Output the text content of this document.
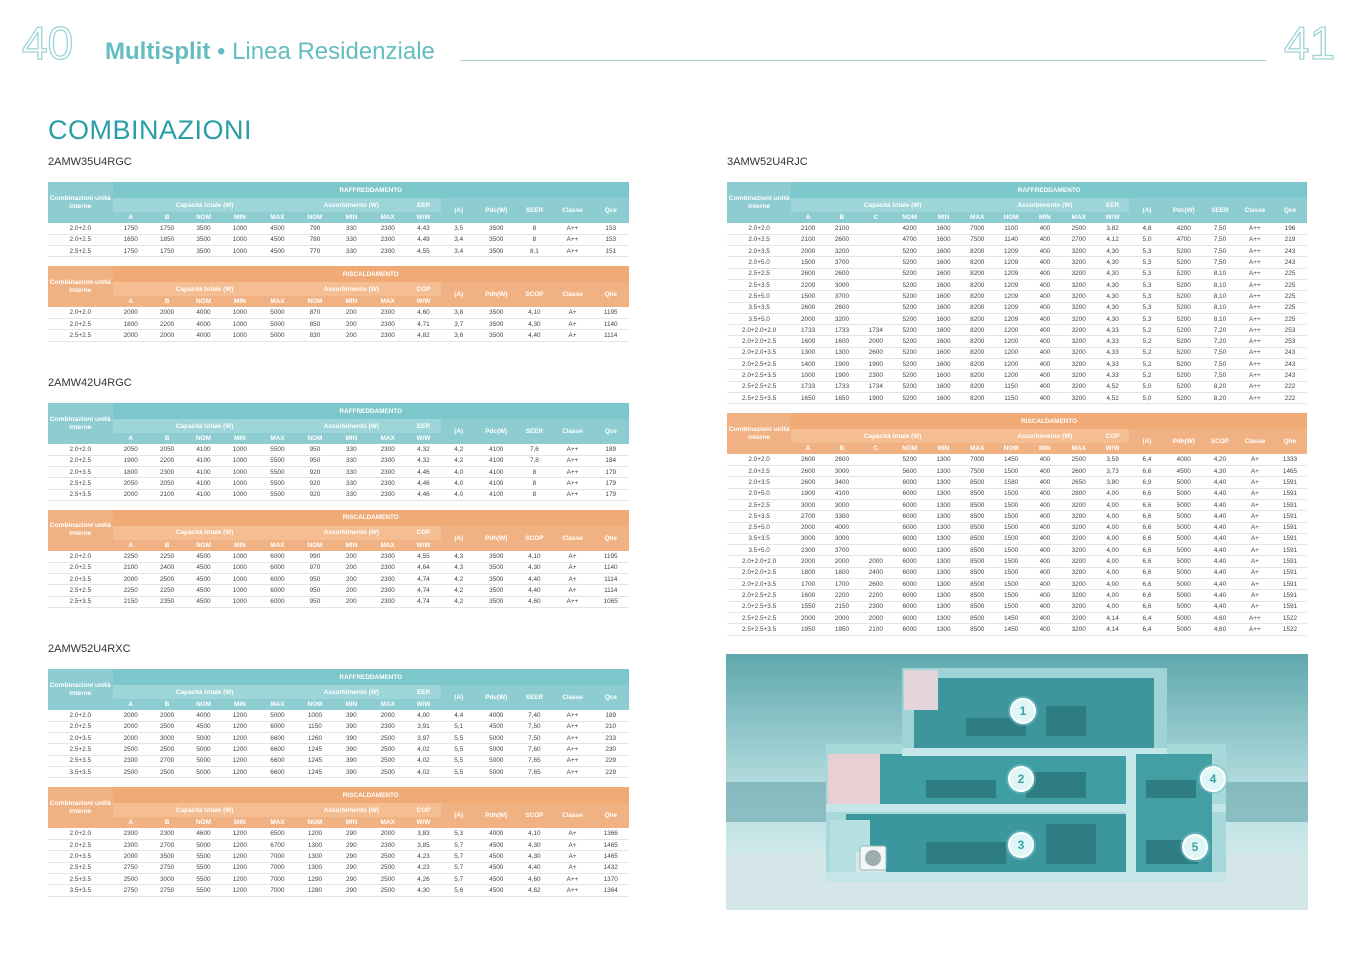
40 Multisplit • Linea Residenziale	41
COMBINAZIONI
2AMW35U4RGC
Combinazioni unità interne	RAFFREDDAMENTO													
	Capacità totale (W)					Assorbimento (W)			EER	(A)	Pdc(W)	SEER	Classe	Qce
	A	B	NOM	MIN	MAX	NOM	MIN	MAX	W/W					
2.0+2.0	1750	1750	3500	1000	4500	790	330	2300	4,43	3,5	3500	8	A++	153
2.0+2.5	1650	1850	3500	1000	4500	780	330	2300	4,49	3,4	3500	8	A++	153
2.5+2.5	1750	1750	3500	1000	4500	770	330	2300	4,55	3,4	3500	8,1	A++	151
Combinazioni unità interne	RISCALDAMENTO													
	Capacità totale (W)					Assorbimento (W)			COP	(A)	Pdh(W)	SCOP	Classe	Qhe
	A	B	NOM	MIN	MAX	NOM	MIN	MAX	W/W					
2.0+2.0	2000	2000	4000	1000	5000	870	200	2300	4,60	3,8	3500	4,10	A+	1195
2.0+2.5	1800	2200	4000	1000	5000	850	200	2300	4,71	3,7	3500	4,30	A+	1140
2.5+2.5	2000	2000	4000	1000	5000	830	200	2300	4,82	3,6	3500	4,40	A+	1114
2AMW42U4RGC
Combinazioni unità interne	RAFFREDDAMENTO													
	Capacità totale (W)					Assorbimento (W)			EER	(A)	Pdc(W)	SEER	Classe	Qce
	A	B	NOM	MIN	MAX	NOM	MIN	MAX	W/W					
2.0+2.0	2050	2050	4100	1000	5500	950	330	2300	4,32	4,2	4100	7,6	A++	189
2.0+2.5	1900	2200	4100	1000	5500	950	330	2300	4,32	4,2	4100	7,8	A++	184
2.0+3.5	1800	2300	4100	1000	5500	920	330	2300	4,46	4,0	4100	8	A++	179
2.5+2.5	2050	2050	4100	1000	5500	920	330	2300	4,46	4,0	4100	8	A++	179
2.5+3.5	2000	2100	4100	1000	5500	920	330	2300	4,46	4,0	4100	8	A++	179
Combinazioni unità interne	RISCALDAMENTO													
	Capacità totale (W)					Assorbimento (W)			COP	(A)	Pdh(W)	SCOP	Classe	Qhe
	A	B	NOM	MIN	MAX	NOM	MIN	MAX	W/W					
2.0+2.0	2250	2250	4500	1000	6000	990	200	2300	4,55	4,3	3500	4,10	A+	1195
2.0+2.5	2100	2400	4500	1000	6000	970	200	2300	4,64	4,3	3500	4,30	A+	1140
2.0+3.5	2000	2500	4500	1000	6000	950	200	2300	4,74	4,2	3500	4,40	A+	1114
2.5+2.5	2250	2250	4500	1000	6000	950	200	2300	4,74	4,2	3500	4,40	A+	1114
2.5+3.5	2150	2350	4500	1000	6000	950	200	2300	4,74	4,2	3500	4,60	A++	1065
2AMW52U4RXC
Combinazioni unità interne	RAFFREDDAMENTO													
	Capacità totale (W)					Assorbimento (W)			EER	(A)	Pdc(W)	SEER	Classe	Qce
	A	B	NOM	MIN	MAX	NOM	MIN	MAX	W/W					
2.0+2.0	2000	2000	4000	1200	5000	1000	390	2000	4,00	4,4	4000	7,40	A++	189
2.0+2.5	2000	2500	4500	1200	6000	1150	390	2300	3,91	5,1	4500	7,50	A++	210
2.0+3.5	2000	3000	5000	1200	6600	1260	390	2500	3,97	5,5	5000	7,50	A++	233
2.5+2.5	2500	2500	5000	1200	6600	1245	390	2500	4,02	5,5	5000	7,60	A++	230
2.5+3.5	2300	2700	5000	1200	6600	1245	390	2500	4,02	5,5	5000	7,65	A++	229
3.5+3.5	2500	2500	5000	1200	6600	1245	390	2500	4,02	5,5	5000	7,65	A++	229
Combinazioni unità interne	RISCALDAMENTO													
	Capacità totale (W)					Assorbimento (W)			COP	(A)	Pdh(W)	SCOP	Classe	Qhe
	A	B	NOM	MIN	MAX	NOM	MIN	MAX	W/W					
2.0+2.0	2300	2300	4600	1200	6500	1200	290	2000	3,83	5,3	4000	4,10	A+	1366
2.0+2.5	2300	2700	5000	1200	6700	1300	290	2300	3,85	5,7	4500	4,30	A+	1465
2.0+3.5	2000	3500	5500	1200	7000	1300	290	2500	4,23	5,7	4500	4,30	A+	1465
2.5+2.5	2750	2750	5500	1200	7000	1300	290	2500	4,23	5,7	4500	4,40	A+	1432
2.5+3.5	2500	3000	5500	1200	7000	1290	290	2500	4,26	5,7	4500	4,60	A++	1370
3.5+3.5	2750	2750	5500	1200	7000	1280	290	2500	4,30	5,6	4500	4,62	A++	1364
3AMW52U4RJC
Combinazioni unità interne	RAFFREDDAMENTO														
	Capacità totale (W)						Assorbimento (W)			EER	(A)	Pdc(W)	SEER	Classe	Qce
	A	B	C	NOM	MIN	MAX	NOM	MIN	MAX	W/W					
2.0+2.0	2100	2100		4200	1600	7000	1100	400	2500	3,82	4,8	4200	7,50	A++	196
2.0+2.5	2100	2600		4700	1600	7500	1140	400	2700	4,12	5,0	4700	7,50	A++	219
2.0+3.5	2000	3200		5200	1600	8200	1209	400	3200	4,30	5,3	5200	7,50	A++	243
2.0+5.0	1500	3700		5200	1600	8200	1209	400	3200	4,30	5,3	5200	7,50	A++	243
2.5+2.5	2600	2600		5200	1600	8200	1209	400	3200	4,30	5,3	5200	8,10	A++	225
2.5+3.5	2200	3000		5200	1600	8200	1209	400	3200	4,30	5,3	5200	8,10	A++	225
2.5+5.0	1500	3700		5200	1600	8200	1209	400	3200	4,30	5,3	5200	8,10	A++	225
3.5+3.5	2600	2600		5200	1600	8200	1209	400	3200	4,30	5,3	5200	8,10	A++	225
3.5+5.0	2000	3200		5200	1600	8200	1209	400	3200	4,30	5,3	5200	8,10	A++	225
2.0+2.0+2.0	1733	1733	1734	5200	1600	8200	1200	400	3200	4,33	5,2	5200	7,20	A++	253
2.0+2.0+2.5	1600	1600	2000	5200	1600	8200	1200	400	3200	4,33	5,2	5200	7,20	A++	253
2.0+2.0+3.5	1300	1300	2600	5200	1600	8200	1200	400	3200	4,33	5,2	5200	7,50	A++	243
2.0+2.5+2.5	1400	1900	1900	5200	1600	8200	1200	400	3200	4,33	5,2	5200	7,50	A++	243
2.0+2.5+3.5	1000	1900	2300	5200	1600	8200	1200	400	3200	4,33	5,2	5200	7,50	A++	243
2.5+2.5+2.5	1733	1733	1734	5200	1600	8200	1150	400	3200	4,52	5,0	5200	8,20	A++	222
2.5+2.5+3.5	1650	1650	1900	5200	1600	8200	1150	400	3200	4,52	5,0	5200	8,20	A++	222
Combinazioni unità interne	RISCALDAMENTO														
	Capacità totale (W)						Assorbimento (W)			COP	(A)	Pdh(W)	SCOP	Classe	Qhe
	A	B	C	NOM	MIN	MAX	NOM	MIN	MAX	W/W					
2.0+2.0	2600	2600		5200	1300	7000	1450	400	2500	3,59	6,4	4000	4,20	A+	1333
2.0+2.5	2600	3000		5600	1300	7500	1500	400	2600	3,73	6,6	4500	4,30	A+	1465
2.0+3.5	2600	3400		6000	1300	8500	1580	400	2650	3,80	6,9	5000	4,40	A+	1591
2.0+5.0	1900	4100		6000	1300	8500	1500	400	2800	4,00	6,6	5000	4,40	A+	1591
2.5+2.5	3000	3000		6000	1300	8500	1500	400	3200	4,00	6,6	5000	4,40	A+	1591
2.5+3.5	2700	3300		6000	1300	8500	1500	400	3200	4,00	6,6	5000	4,40	A+	1591
2.5+5.0	2000	4000		6000	1300	8500	1500	400	3200	4,00	6,6	5000	4,40	A+	1591
3.5+3.5	3000	3000		6000	1300	8500	1500	400	3200	4,00	6,6	5000	4,40	A+	1591
3.5+5.0	2300	3700		6000	1300	8500	1500	400	3200	4,00	6,6	5000	4,40	A+	1591
2.0+2.0+2.0	2000	2000	2000	6000	1300	8500	1500	400	3200	4,00	6,6	5000	4,40	A+	1591
2.0+2.0+2.5	1800	1800	2400	6000	1300	8500	1500	400	3200	4,00	6,6	5000	4,40	A+	1591
2.0+2.0+3.5	1700	1700	2600	6000	1300	8500	1500	400	3200	4,00	6,6	5000	4,40	A+	1591
2.0+2.5+2.5	1600	2200	2200	6000	1300	8500	1500	400	3200	4,00	6,6	5000	4,40	A+	1591
2.0+2.5+3.5	1550	2150	2300	6000	1300	8500	1500	400	3200	4,00	6,6	5000	4,40	A+	1591
2.5+2.5+2.5	2000	2000	2000	6000	1300	8500	1450	400	3200	4,14	6,4	5000	4,60	A++	1522
2.5+2.5+3.5	1950	1950	2100	6000	1300	8500	1450	400	3200	4,14	6,4	5000	4,60	A++	1522
1
2
3
4
5
